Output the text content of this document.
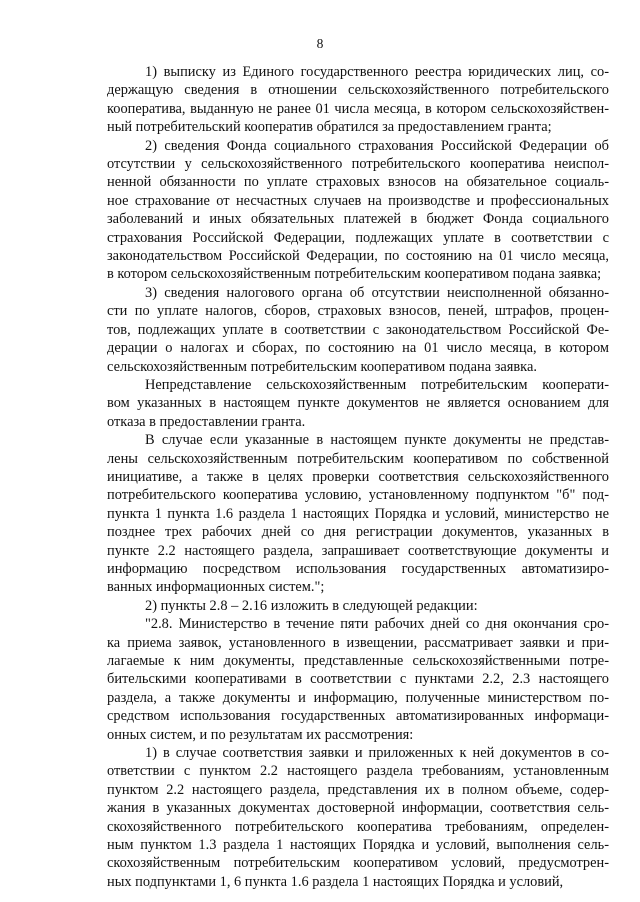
8

1) выписку из Единого государственного реестра юридических лиц, со-
держащую сведения в отношении сельскохозяйственного потребительского
кооператива, выданную не ранее 01 числа месяца, в котором сельскохозяйствен-
ный потребительский кооператив обратился за предоставлением гранта;

2) сведения Фонда социального страхования Российской Федерации об
отсутствии у сельскохозяйственного потребительского кооператива неиспол-
ненной обязанности по уплате страховых взносов на обязательное социаль-
ное страхование от несчастных случаев на производстве и профессиональных
заболеваний и иных обязательных платежей в бюджет Фонда социального
страхования Российской Федерации, подлежащих уплате в соответствии с
законодательством Российской Федерации, по состоянию на 01 число месяца,
в котором сельскохозяйственным потребительским кооперативом подана заявка;

3) сведения налогового органа об отсутствии неисполненной обязанно-
сти по уплате налогов, сборов, страховых взносов, пеней, штрафов, процен-
тов, подлежащих уплате в соответствии с законодательством Российской Фе-
дерации о налогах и сборах, по состоянию на 01 число месяца, в котором
сельскохозяйственным потребительским кооперативом подана заявка.

Непредставление сельскохозяйственным потребительским кооперати-
вом указанных в настоящем пункте документов не является основанием для
отказа в предоставлении гранта.

В случае если указанные в настоящем пункте документы не представ-
лены сельскохозяйственным потребительским кооперативом по собственной
инициативе, а также в целях проверки соответствия сельскохозяйственного
потребительского кооператива условию, установленному подпунктом "б" под-
пункта 1 пункта 1.6 раздела 1 настоящих Порядка и условий, министерство не
позднее трех рабочих дней со дня регистрации документов, указанных в
пункте 2.2 настоящего раздела, запрашивает соответствующие документы и
информацию посредством использования государственных автоматизиро-
ванных информационных систем.";

2) пункты 2.8 – 2.16 изложить в следующей редакции:

"2.8. Министерство в течение пяти рабочих дней со дня окончания сро-
ка приема заявок, установленного в извещении, рассматривает заявки и при-
лагаемые к ним документы, представленные сельскохозяйственными потре-
бительскими кооперативами в соответствии с пунктами 2.2, 2.3 настоящего
раздела, а также документы и информацию, полученные министерством по-
средством использования государственных автоматизированных информаци-
онных систем, и по результатам их рассмотрения:

1) в случае соответствия заявки и приложенных к ней документов в со-
ответствии с пунктом 2.2 настоящего раздела требованиям, установленным
пунктом 2.2 настоящего раздела, представления их в полном объеме, содер-
жания в указанных документах достоверной информации, соответствия сель-
скохозяйственного потребительского кооператива требованиям, определен-
ным пунктом 1.3 раздела 1 настоящих Порядка и условий, выполнения сель-
скохозяйственным потребительским кооперативом условий, предусмотрен-
ных подпунктами 1, 6 пункта 1.6 раздела 1 настоящих Порядка и условий,
